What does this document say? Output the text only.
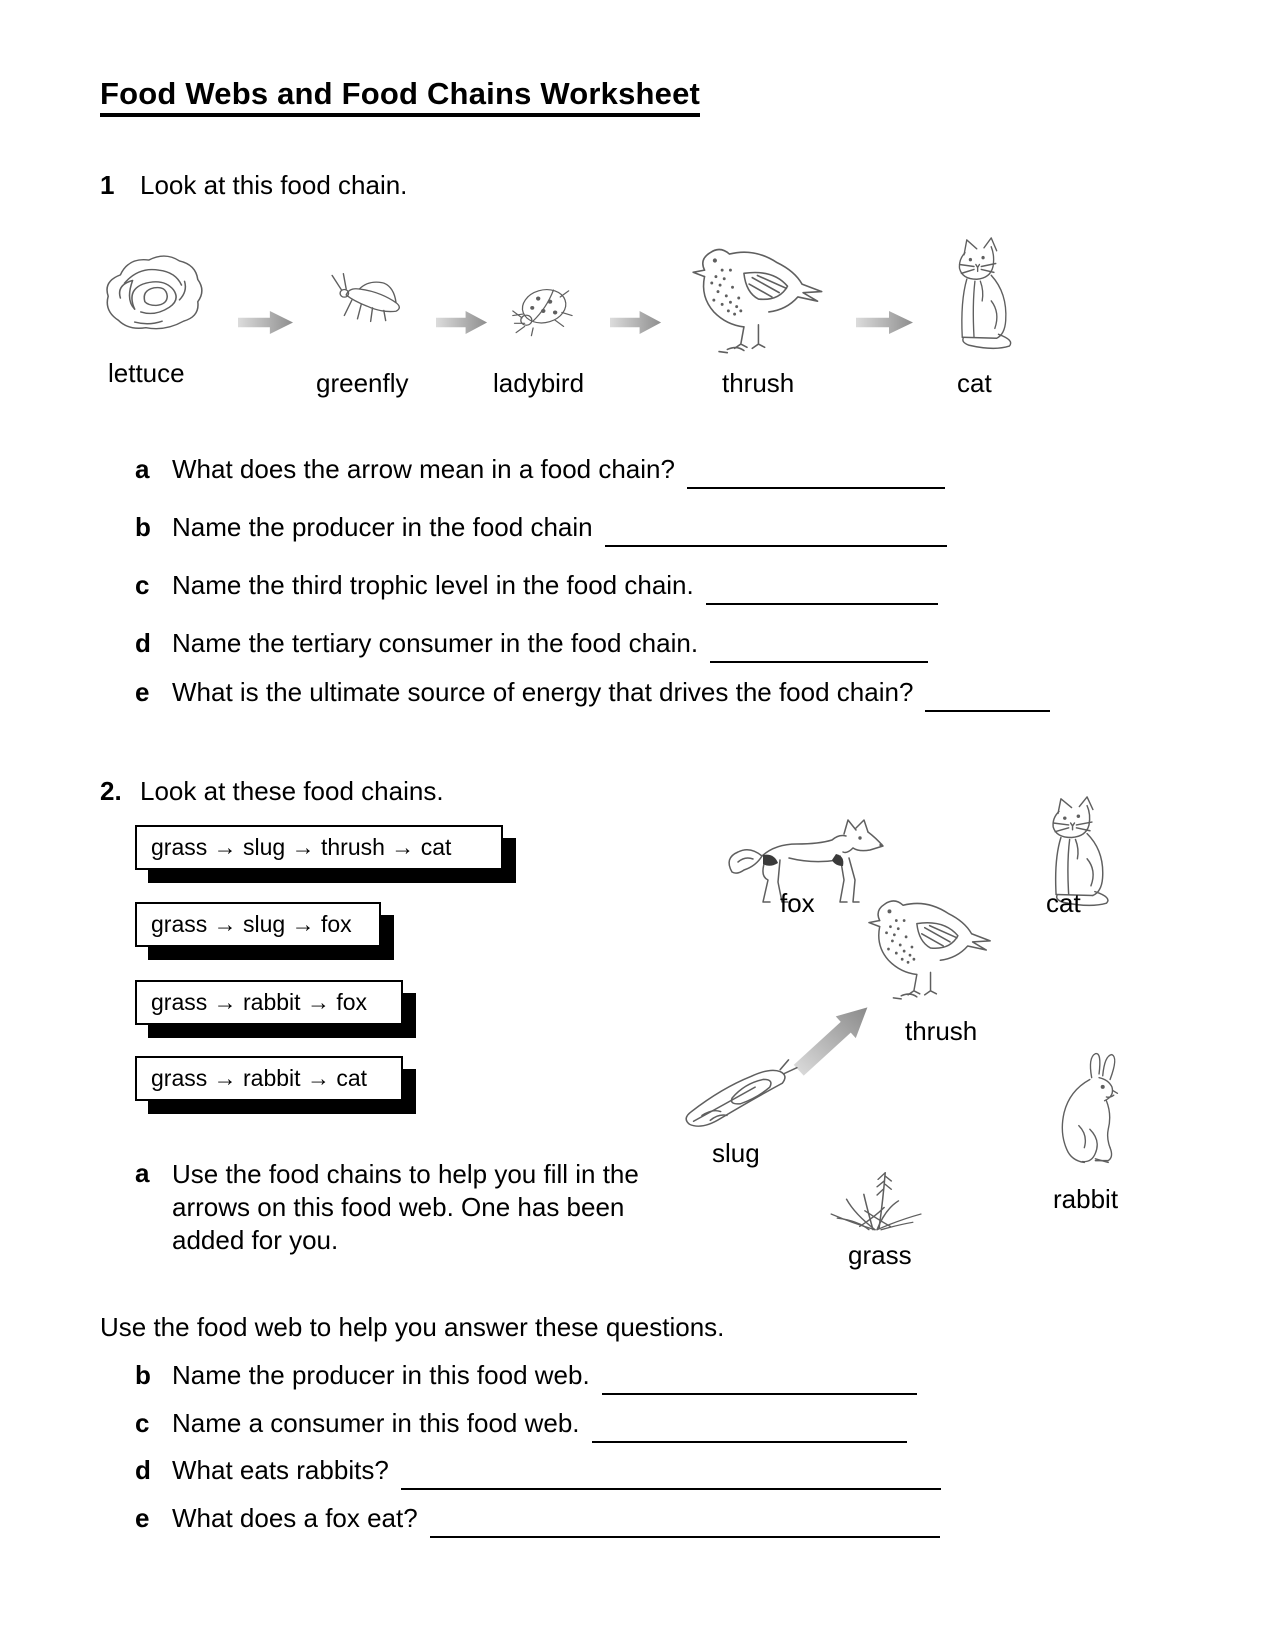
Food Webs and Food Chains Worksheet
1 Look at this food chain.
lettuce	greenfly	ladybird	thrush	cat
a What does the arrow mean in a food chain?
b Name the producer in the food chain
c Name the third trophic level in the food chain.
d Name the tertiary consumer in the food chain.
e What is the ultimate source of energy that drives the food chain?
2. Look at these food chains.
grass → slug → thrush → cat
grass → slug → fox
grass → rabbit → fox
grass → rabbit → cat
fox	cat
thrush
slug
grass
rabbit
a Use the food chains to help you fill in the
arrows on this food web. One has been
added for you.
Use the food web to help you answer these questions.
b Name the producer in this food web.
c Name a consumer in this food web.
d What eats rabbits?
e What does a fox eat?
